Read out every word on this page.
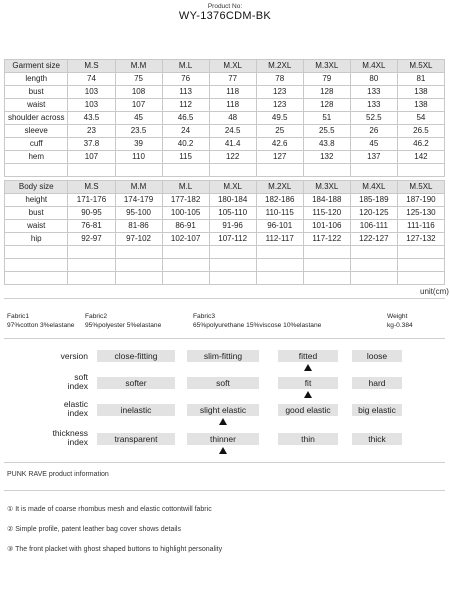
Product No:
WY-1376CDM-BK
Garment size	M.S	M.M	M.L	M.XL	M.2XL	M.3XL	M.4XL	M.5XL
length	74	75	76	77	78	79	80	81
bust	103	108	113	118	123	128	133	138
waist	103	107	112	118	123	128	133	138
shoulder across	43.5	45	46.5	48	49.5	51	52.5	54
sleeve	23	23.5	24	24.5	25	25.5	26	26.5
cuff	37.8	39	40.2	41.4	42.6	43.8	45	46.2
hem	107	110	115	122	127	132	137	142

Body size	M.S	M.M	M.L	M.XL	M.2XL	M.3XL	M.4XL	M.5XL
height	171-176	174-179	177-182	180-184	182-186	184-188	185-189	187-190
bust	90-95	95-100	100-105	105-110	110-115	115-120	120-125	125-130
waist	76-81	81-86	86-91	91-96	96-101	101-106	106-111	111-116
hip	92-97	97-102	102-107	107-112	112-117	117-122	122-127	127-132

unit(cm)
Fabric1
97%cotton 3%elastane
Fabric2
95%polyester 5%elastane
Fabric3
65%polyurethane 15%viscose 10%elastane
Weight
kg-0.384
version	close-fitting	slim-fitting	fitted	loose
soft
index	softer	soft	fit	hard
elastic
index	inelastic	slight elastic	good elastic	big elastic
thickness
index	transparent	thinner	thin	thick
PUNK RAVE product information
① It is made of coarse rhombus mesh and elastic cottontwill fabric
② Simple profile, patent leather bag cover shows details
③ The front placket with ghost shaped buttons to highlight personality
